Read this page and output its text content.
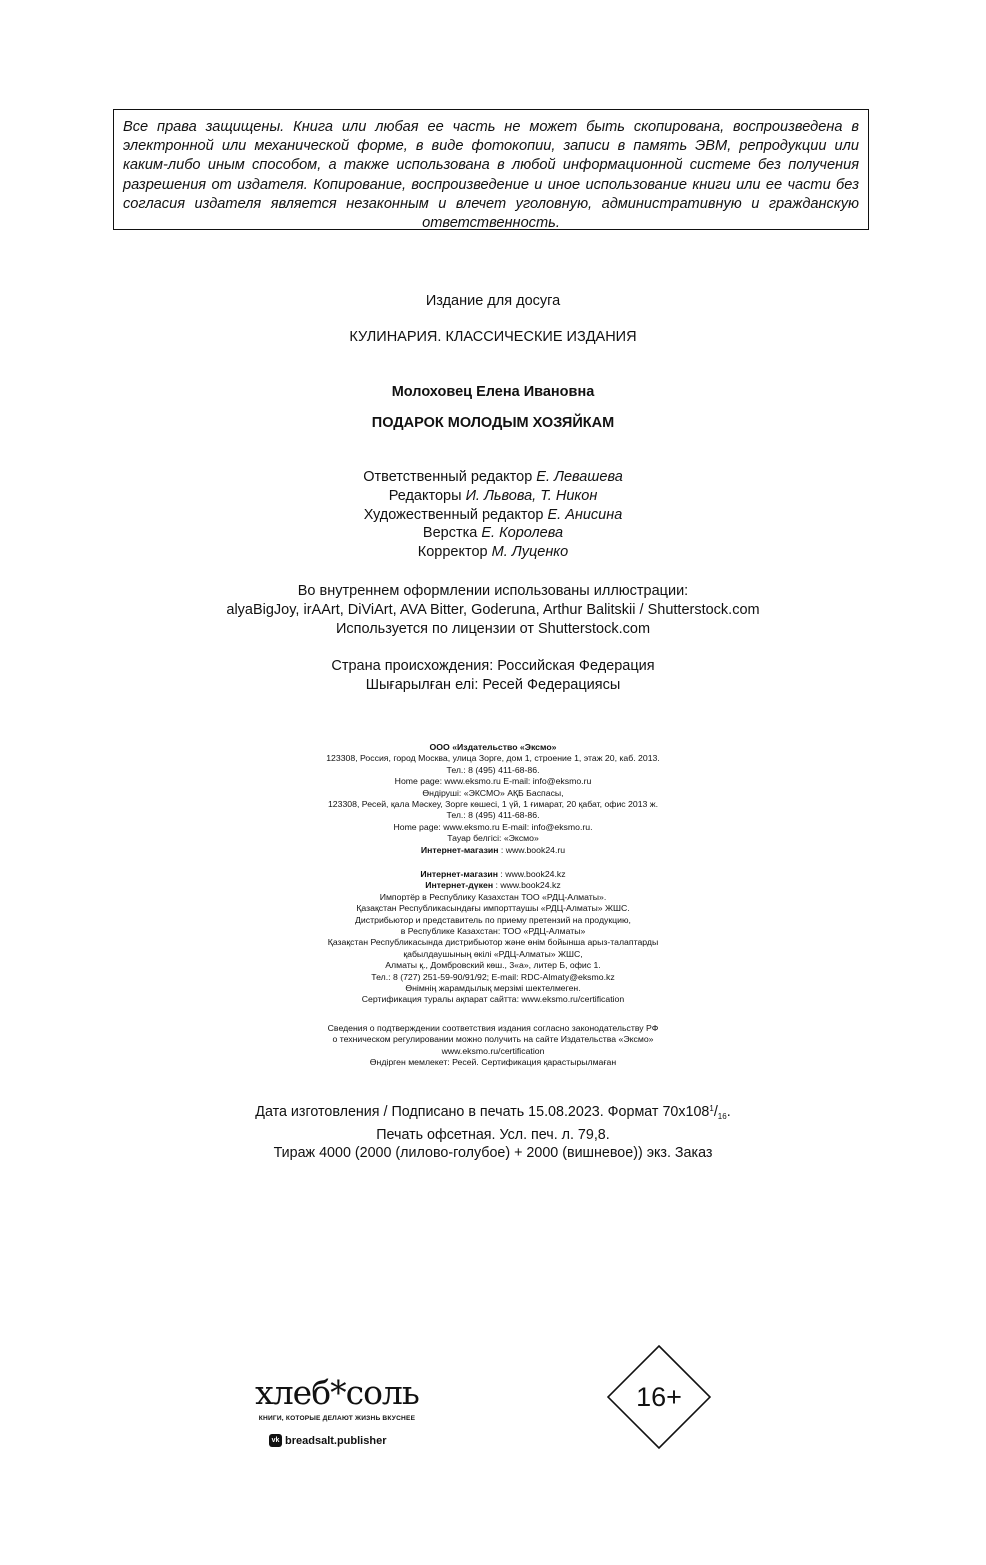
Все права защищены. Книга или любая ее часть не может быть скопирована, воспроизведена в электронной или механической форме, в виде фотокопии, записи в память ЭВМ, репродукции или каким-либо иным способом, а также использована в любой информационной системе без получения разрешения от издателя. Копирование, воспроизведение и иное использование книги или ее части без согласия издателя является незаконным и влечет уголовную, административную и гражданскую ответственность.

Издание для досуга
КУЛИНАРИЯ. КЛАССИЧЕСКИЕ ИЗДАНИЯ
Молоховец Елена Ивановна
ПОДАРОК МОЛОДЫМ ХОЗЯЙКАМ
Ответственный редактор Е. Левашева
Редакторы И. Львова, Т. Никон
Художественный редактор Е. Анисина
Верстка Е. Королева
Корректор М. Луценко
Во внутреннем оформлении использованы иллюстрации:
alyaBigJoy, irAArt, DiViArt, AVA Bitter, Goderuna, Arthur Balitskii / Shutterstock.com
Используется по лицензии от Shutterstock.com
Страна происхождения: Российская Федерация
Шығарылған елі: Ресей Федерациясы
ООО «Издательство «Эксмо»
123308, Россия, город Москва, улица Зорге, дом 1, строение 1, этаж 20, каб. 2013.
Тел.: 8 (495) 411-68-86.
Home page: www.eksmo.ru E-mail: info@eksmo.ru
Өндіруші: «ЭКСМО» АҚБ Баспасы,
123308, Ресей, қала Мәскеу, Зорге көшесі, 1 үй, 1 ғимарат, 20 қабат, офис 2013 ж.
Тел.: 8 (495) 411-68-86.
Home page: www.eksmo.ru E-mail: info@eksmo.ru.
Тауар белгісі: «Эксмо»
Интернет-магазин : www.book24.ru
Интернет-магазин : www.book24.kz
Интернет-дүкен : www.book24.kz
Импортёр в Республику Казахстан ТОО «РДЦ-Алматы».
Қазақстан Республикасындағы импорттаушы «РДЦ-Алматы» ЖШС.
Дистрибьютор и представитель по приему претензий на продукцию,
в Республике Казахстан: ТОО «РДЦ-Алматы»
Қазақстан Республикасында дистрибьютор және өнім бойынша арыз-талаптарды
қабылдаушының өкілі «РДЦ-Алматы» ЖШС,
Алматы қ., Домбровский көш., 3«а», литер Б, офис 1.
Тел.: 8 (727) 251-59-90/91/92; E-mail: RDC-Almaty@eksmo.kz
Өнімнің жарамдылық мерзімі шектелмеген.
Сертификация туралы ақпарат сайтта: www.eksmo.ru/certification
Сведения о подтверждении соответствия издания согласно законодательству РФ
о техническом регулировании можно получить на сайте Издательства «Эксмо»
www.eksmo.ru/certification
Өндірген мемлекет: Ресей. Сертификация қарастырылмаған
Дата изготовления / Подписано в печать 15.08.2023. Формат $70x108^1/_{16}$.
Печать офсетная. Усл. печ. л. 79,8.
Тираж 4000 (2000 (лилово-голубое) + 2000 (вишневое)) экз. Заказ
хлеб*соль
КНИГИ, КОТОРЫЕ ДЕЛАЮТ ЖИЗНЬ ВКУСНЕЕ
vk breadsalt.publisher
16+
